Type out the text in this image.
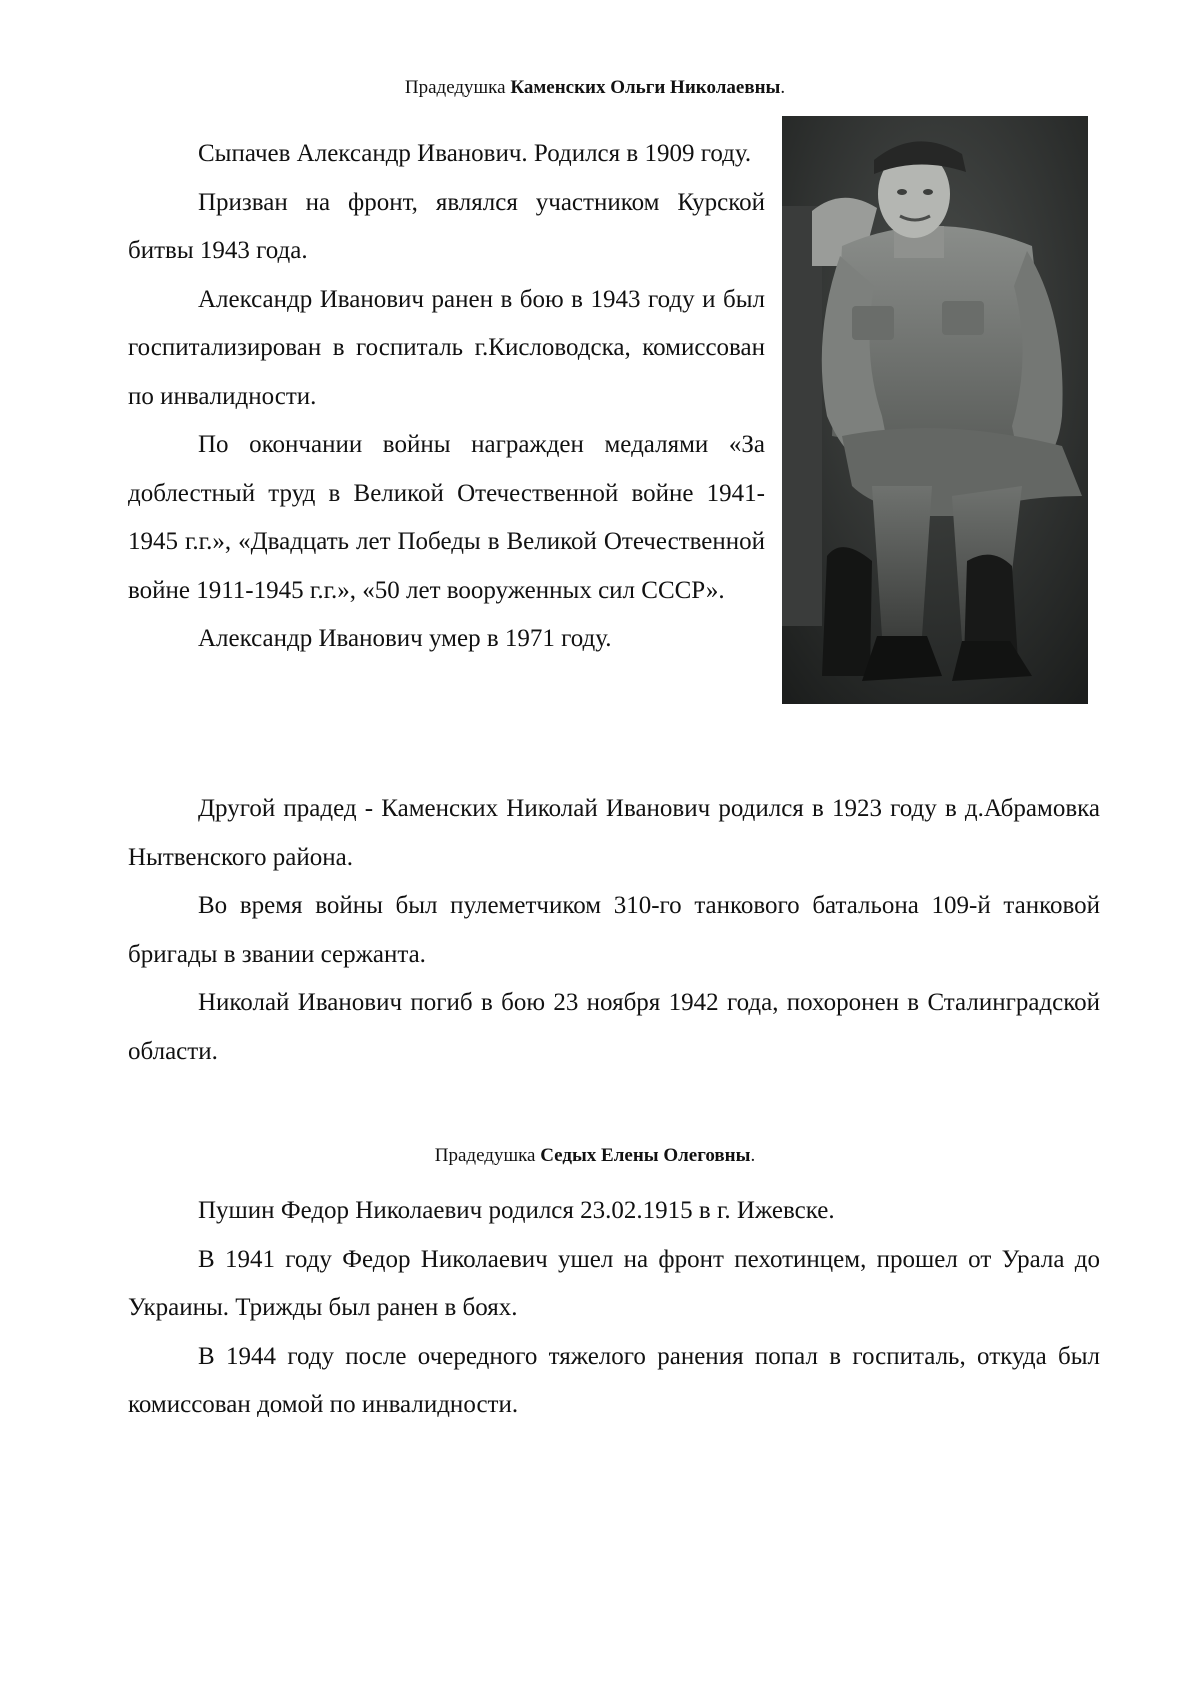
Прадедушка Каменских Ольги Николаевны.

Сыпачев Александр Иванович. Родился в 1909 году.

Призван на фронт, являлся участником Курской битвы 1943 года.

Александр Иванович ранен в бою в 1943 году и был госпитализирован в госпиталь г.Кисловодска, комиссован по инвалидности.

По окончании войны награжден медалями «За доблестный труд в Великой Отечественной войне 1941-1945 г.г.», «Двадцать лет Победы в Великой Отечественной войне 1911-1945 г.г.», «50 лет вооруженных сил СССР».

Александр Иванович умер в 1971 году.

Другой прадед - Каменских Николай Иванович родился в 1923 году в д.Абрамовка Нытвенского района.

Во время войны был пулеметчиком 310-го танкового батальона 109-й танковой бригады в звании сержанта.

Николай Иванович погиб в бою 23 ноября 1942 года, похоронен в Сталинградской области.

Прадедушка Седых Елены Олеговны.

Пушин Федор Николаевич родился 23.02.1915 в г. Ижевске.

В 1941 году Федор Николаевич ушел на фронт пехотинцем, прошел от Урала до Украины. Трижды был ранен в боях.

В 1944 году после очередного тяжелого ранения попал в госпиталь, откуда был комиссован домой по инвалидности.
